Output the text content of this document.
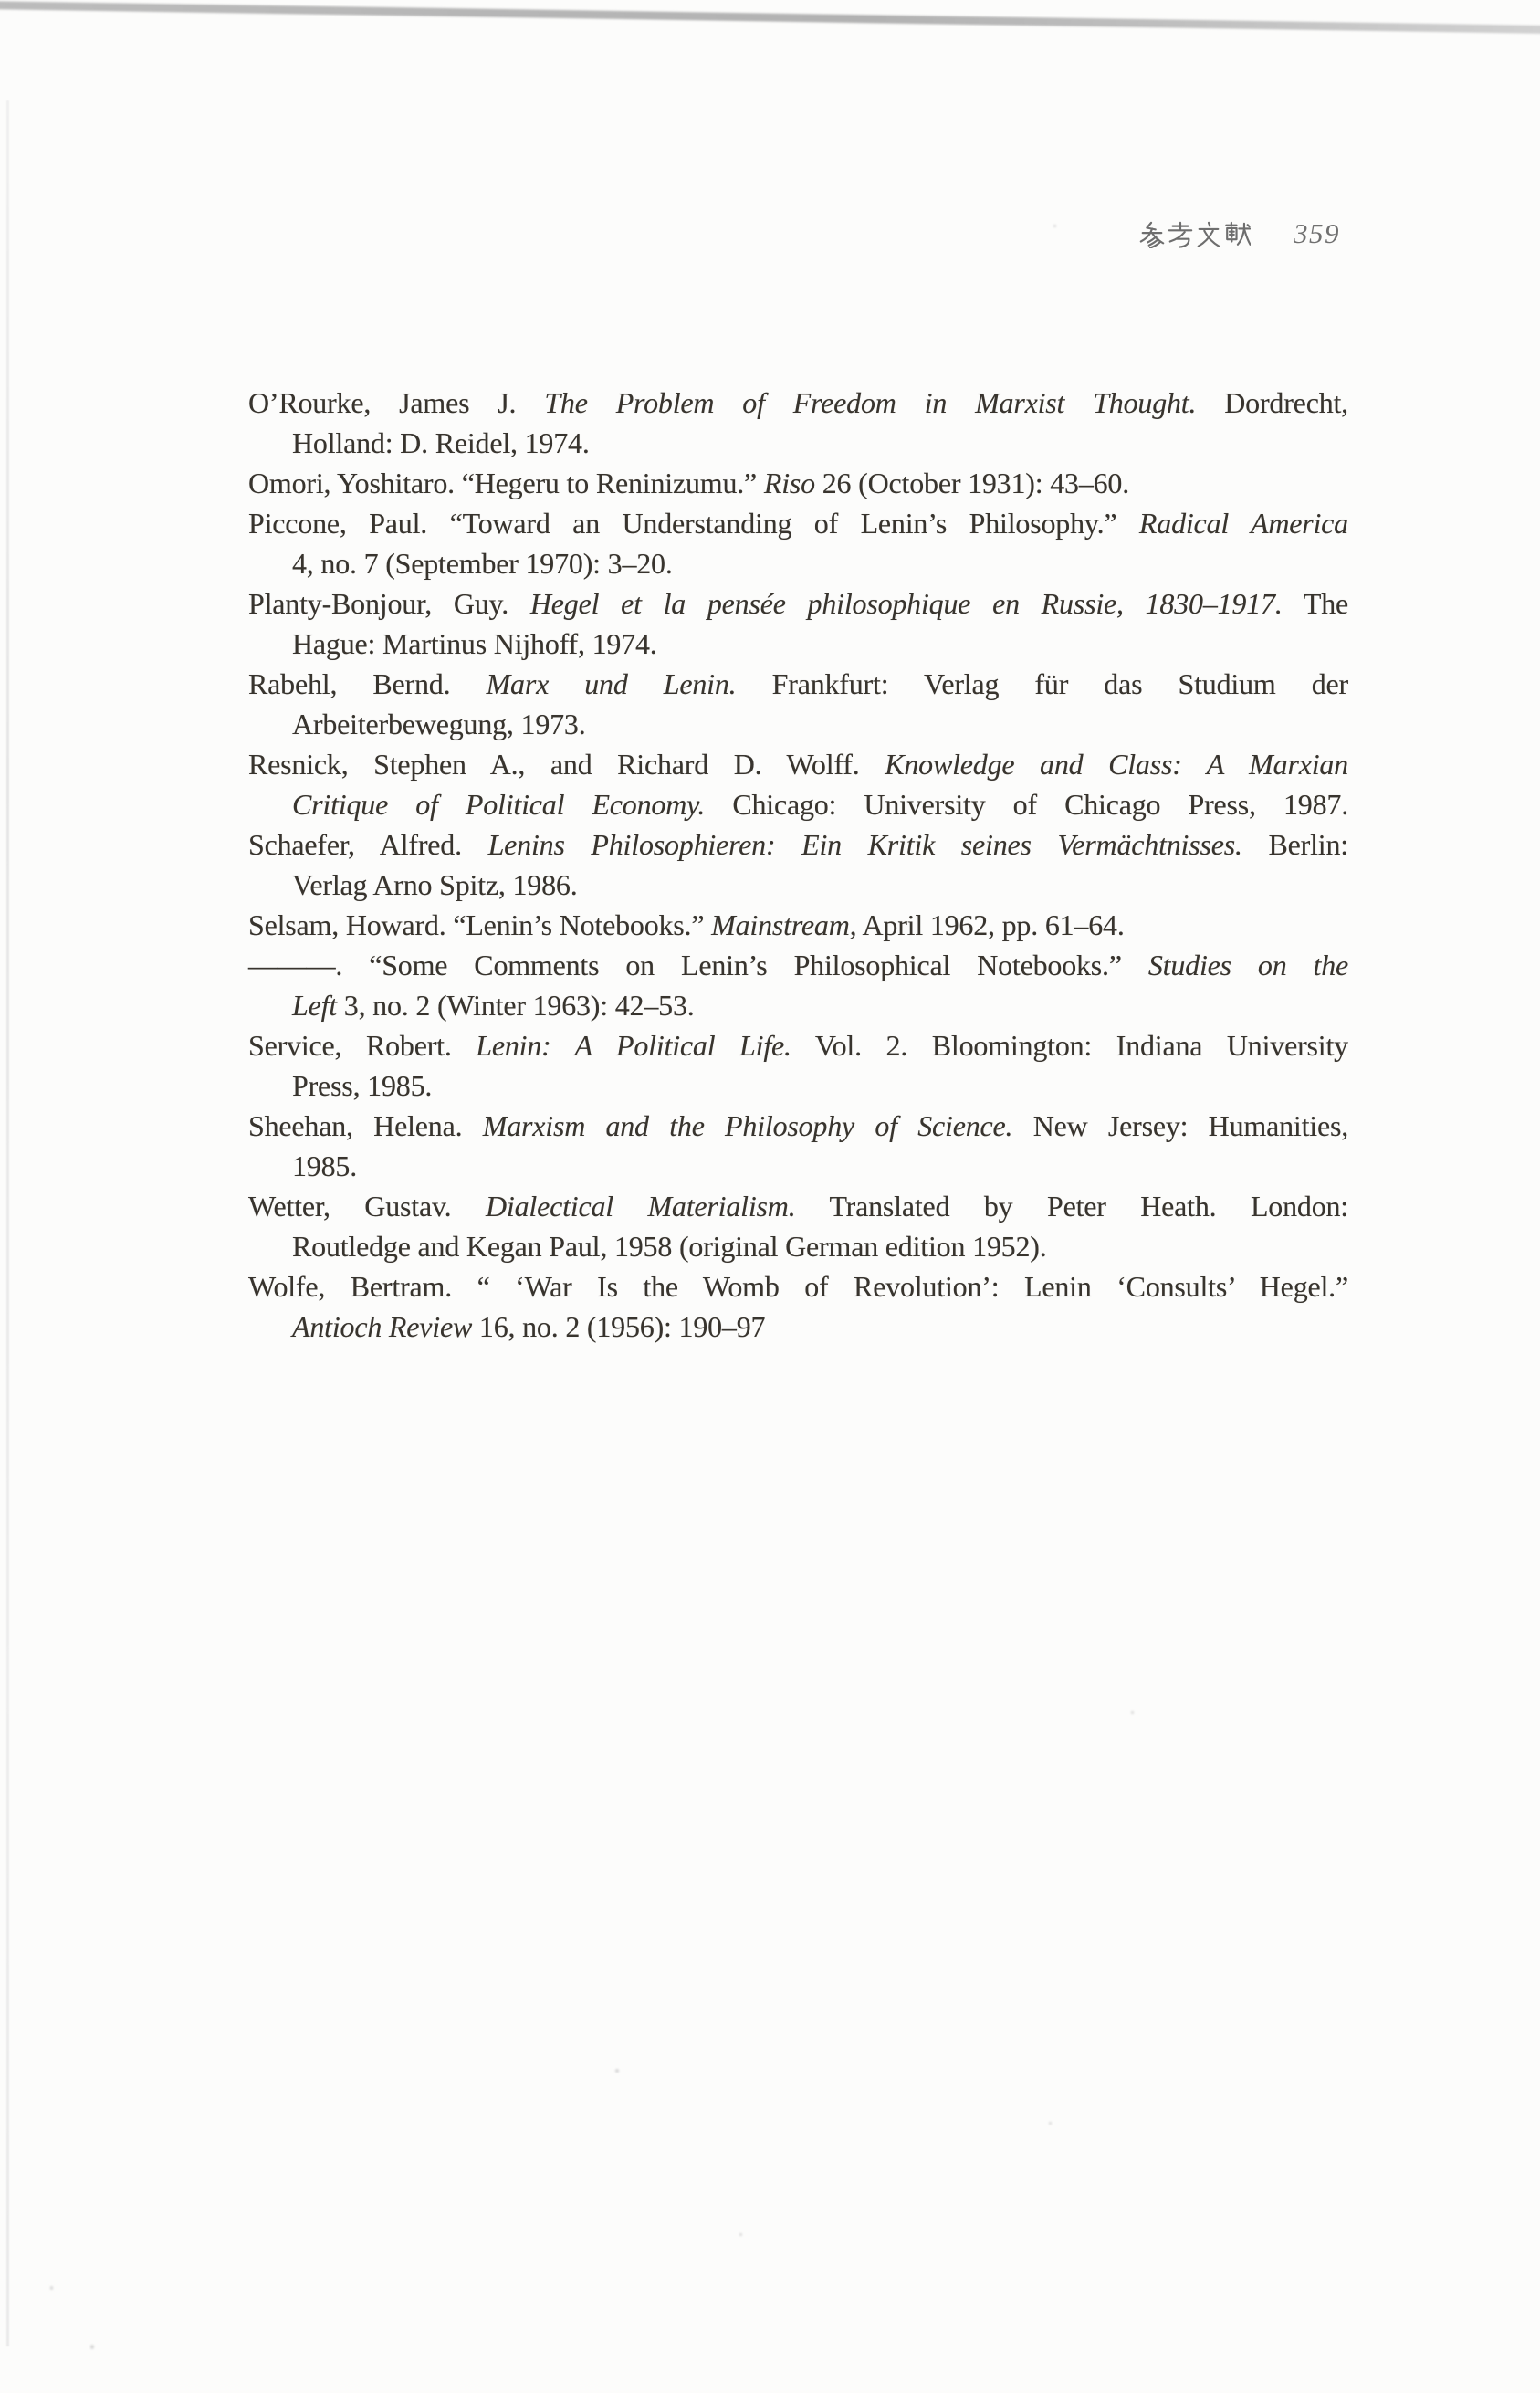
359
O’Rourke, James J. The Problem of Freedom in Marxist Thought. Dordrecht,
Holland: D. Reidel, 1974.
Omori, Yoshitaro. “Hegeru to Reninizumu.” Riso 26 (October 1931): 43–60.
Piccone, Paul. “Toward an Understanding of Lenin’s Philosophy.” Radical America
4, no. 7 (September 1970): 3–20.
Planty-Bonjour, Guy. Hegel et la pensée philosophique en Russie, 1830–1917. The
Hague: Martinus Nijhoff, 1974.
Rabehl, Bernd. Marx und Lenin. Frankfurt: Verlag für das Studium der
Arbeiterbewegung, 1973.
Resnick, Stephen A., and Richard D. Wolff. Knowledge and Class: A Marxian
Critique of Political Economy. Chicago: University of Chicago Press, 1987.
Schaefer, Alfred. Lenins Philosophieren: Ein Kritik seines Vermächtnisses. Berlin:
Verlag Arno Spitz, 1986.
Selsam, Howard. “Lenin’s Notebooks.” Mainstream, April 1962, pp. 61–64.
———. “Some Comments on Lenin’s Philosophical Notebooks.” Studies on the
Left 3, no. 2 (Winter 1963): 42–53.
Service, Robert. Lenin: A Political Life. Vol. 2. Bloomington: Indiana University
Press, 1985.
Sheehan, Helena. Marxism and the Philosophy of Science. New Jersey: Humanities,
1985.
Wetter, Gustav. Dialectical Materialism. Translated by Peter Heath. London:
Routledge and Kegan Paul, 1958 (original German edition 1952).
Wolfe, Bertram. “ ‘War Is the Womb of Revolution’: Lenin ‘Consults’ Hegel.”
Antioch Review 16, no. 2 (1956): 190–97
